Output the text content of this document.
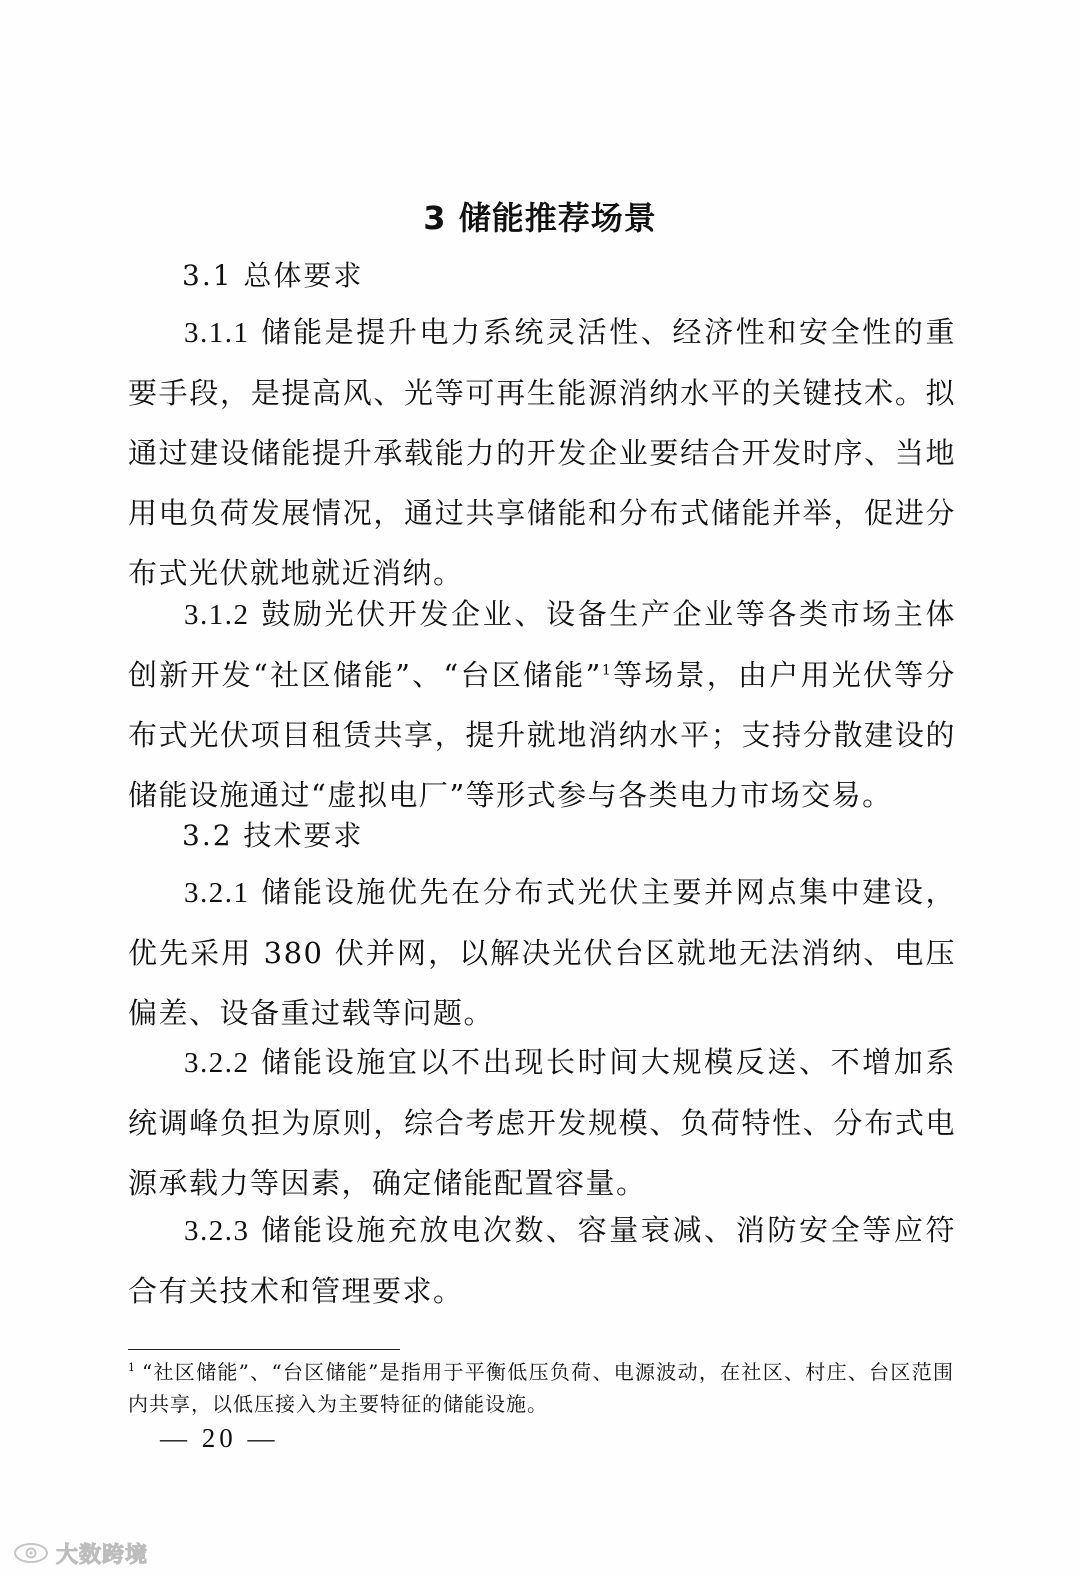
3 储能推荐场景
3.1 总体要求

3.1.1 储能是提升电力系统灵活性、经济性和安全性的重要手段，是提高风、光等可再生能源消纳水平的关键技术。拟通过建设储能提升承载能力的开发企业要结合开发时序、当地用电负荷发展情况，通过共享储能和分布式储能并举，促进分布式光伏就地就近消纳。

3.1.2 鼓励光伏开发企业、设备生产企业等各类市场主体创新开发“社区储能”、“台区储能”$^1$等场景，由户用光伏等分布式光伏项目租赁共享，提升就地消纳水平；支持分散建设的储能设施通过“虚拟电厂”等形式参与各类电力市场交易。

3.2 技术要求

3.2.1 储能设施优先在分布式光伏主要并网点集中建设，优先采用 380 伏并网，以解决光伏台区就地无法消纳、电压偏差、设备重过载等问题。

3.2.2 储能设施宜以不出现长时间大规模反送、不增加系统调峰负担为原则，综合考虑开发规模、负荷特性、分布式电源承载力等因素，确定储能配置容量。

3.2.3 储能设施充放电次数、容量衰减、消防安全等应符合有关技术和管理要求。

$^1$ “社区储能”、“台区储能”是指用于平衡低压负荷、电源波动，在社区、村庄、台区范围内共享，以低压接入为主要特征的储能设施。
— 20 —
大数跨境
